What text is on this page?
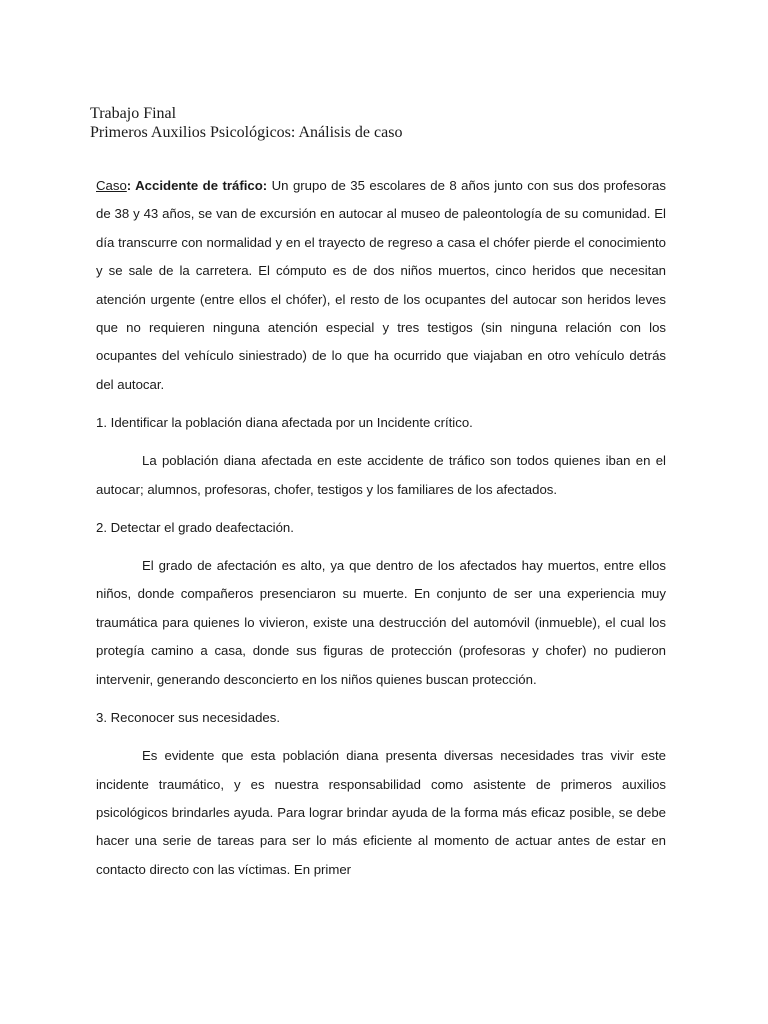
Trabajo Final
Primeros Auxilios Psicológicos: Análisis de caso

Caso: Accidente de tráfico: Un grupo de 35 escolares de 8 años junto con sus dos profesoras de 38 y 43 años, se van de excursión en autocar al museo de paleontología de su comunidad. El día transcurre con normalidad y en el trayecto de regreso a casa el chófer pierde el conocimiento y se sale de la carretera. El cómputo es de dos niños muertos, cinco heridos que necesitan atención urgente (entre ellos el chófer), el resto de los ocupantes del autocar son heridos leves que no requieren ninguna atención especial y tres testigos (sin ninguna relación con los ocupantes del vehículo siniestrado) de lo que ha ocurrido que viajaban en otro vehículo detrás del autocar.

1. Identificar la población diana afectada por un Incidente crítico.

La población diana afectada en este accidente de tráfico son todos quienes iban en el autocar; alumnos, profesoras, chofer, testigos y los familiares de los afectados.

2. Detectar el grado deafectación.

El grado de afectación es alto, ya que dentro de los afectados hay muertos, entre ellos niños, donde compañeros presenciaron su muerte. En conjunto de ser una experiencia muy traumática para quienes lo vivieron, existe una destrucción del automóvil (inmueble), el cual los protegía camino a casa, donde sus figuras de protección (profesoras y chofer) no pudieron intervenir, generando desconcierto en los niños quienes buscan protección.

3. Reconocer sus necesidades.

Es evidente que esta población diana presenta diversas necesidades tras vivir este incidente traumático, y es nuestra responsabilidad como asistente de primeros auxilios psicológicos brindarles ayuda. Para lograr brindar ayuda de la forma más eficaz posible, se debe hacer una serie de tareas para ser lo más eficiente al momento de actuar antes de estar en contacto directo con las víctimas. En primer
